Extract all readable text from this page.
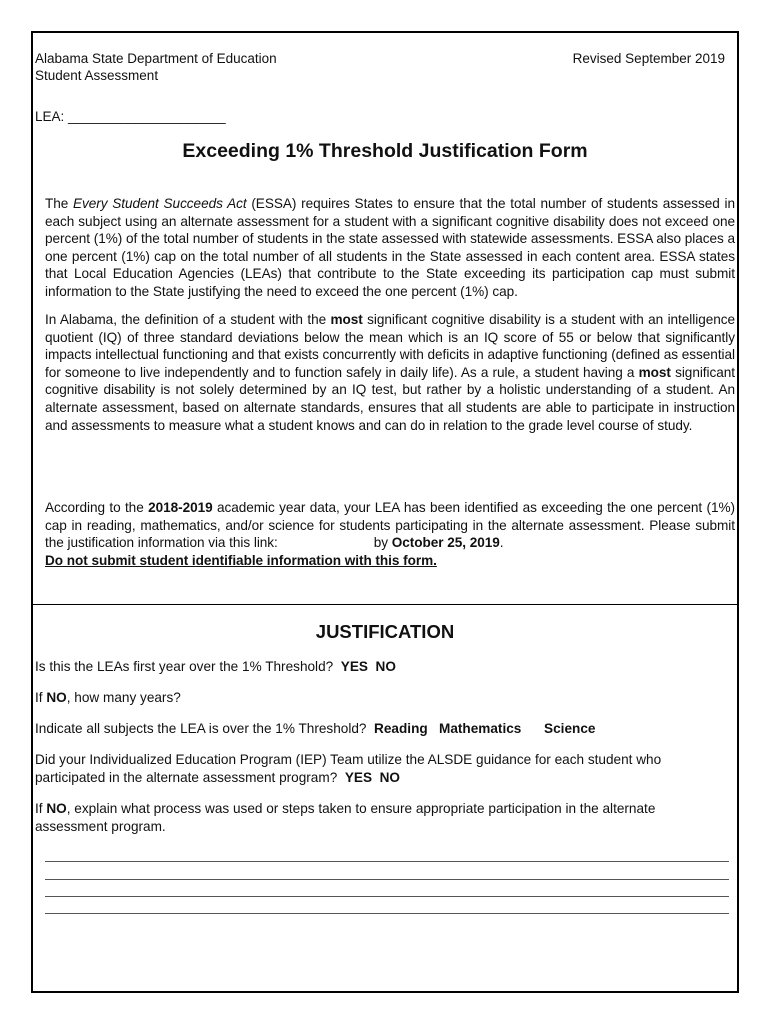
Alabama State Department of Education
Student Assessment
Revised September 2019
LEA: _____________________
Exceeding 1% Threshold Justification Form
The Every Student Succeeds Act (ESSA) requires States to ensure that the total number of students assessed in each subject using an alternate assessment for a student with a significant cognitive disability does not exceed one percent (1%) of the total number of students in the state assessed with statewide assessments. ESSA also places a one percent (1%) cap on the total number of all students in the State assessed in each content area. ESSA states that Local Education Agencies (LEAs) that contribute to the State exceeding its participation cap must submit information to the State justifying the need to exceed the one percent (1%) cap.
In Alabama, the definition of a student with the most significant cognitive disability is a student with an intelligence quotient (IQ) of three standard deviations below the mean which is an IQ score of 55 or below that significantly impacts intellectual functioning and that exists concurrently with deficits in adaptive functioning (defined as essential for someone to live independently and to function safely in daily life). As a rule, a student having a most significant cognitive disability is not solely determined by an IQ test, but rather by a holistic understanding of a student. An alternate assessment, based on alternate standards, ensures that all students are able to participate in instruction and assessments to measure what a student knows and can do in relation to the grade level course of study.
According to the 2018-2019 academic year data, your LEA has been identified as exceeding the one percent (1%) cap in reading, mathematics, and/or science for students participating in the alternate assessment. Please submit the justification information via this link:	by October 25, 2019.
Do not submit student identifiable information with this form.
JUSTIFICATION
Is this the LEAs first year over the 1% Threshold? YES NO
If NO, how many years?
Indicate all subjects the LEA is over the 1% Threshold? Reading Mathematics Science
Did your Individualized Education Program (IEP) Team utilize the ALSDE guidance for each student who participated in the alternate assessment program? YES NO
If NO, explain what process was used or steps taken to ensure appropriate participation in the alternate assessment program.
